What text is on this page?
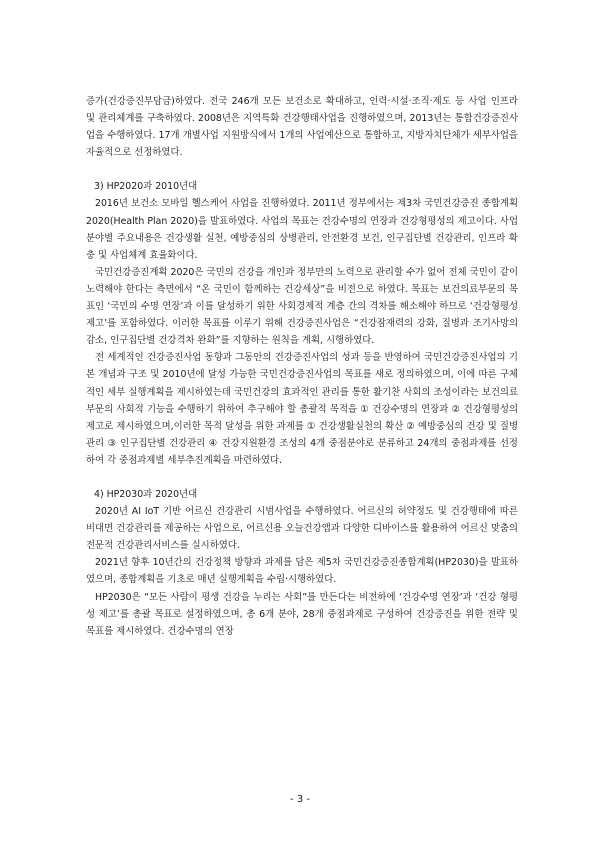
증가(건강증진부담금)하였다. 전국 246개 모든 보건소로 확대하고, 인력·시설·조직·제도 등 사업 인프라 및 관리체계를 구축하였다. 2008년은 지역특화 건강행태사업을 진행하였으며, 2013년는 통합건강증진사업을 수행하였다. 17개 개별사업 지원방식에서 1개의 사업예산으로 통합하고, 지방자치단체가 세부사업을 자율적으로 선정하였다.

3) HP2020과 2010년대

2016년 보건소 모바일 헬스케어 사업을 진행하였다. 2011년 정부에서는 제3차 국민건강증진 종합계획 2020(Health Plan 2020)을 발표하였다. 사업의 목표는 건강수명의 연장과 건강형평성의 제고이다. 사업분야별 주요내용은 건강생활 실천, 예방중심의 상병관리, 안전환경 보건, 인구집단별 건강관리, 인프라 확충 및 사업체계 효율화이다.

국민건강증진계획 2020은 국민의 건강을 개인과 정부만의 노력으로 관리할 수가 없어 전체 국민이 같이 노력해야 한다는 측면에서 “온 국민이 함께하는 건강세상”을 비전으로 하였다. 목표는 보건의료부문의 목표인 ‘국민의 수명 연장’과 이를 달성하기 위한 사회경제적 계층 간의 격차를 해소해야 하므로 ‘건강형평성 제고’를 포함하였다. 이러한 목표를 이루기 위해 건강증진사업은 “건강잠재력의 강화, 질병과 조기사망의 감소, 인구집단별 건강격차 완화”를 지향하는 원칙을 계획, 시행하였다.

전 세계적인 건강증진사업 동향과 그동안의 건강증진사업의 성과 등을 반영하여 국민건강증진사업의 기본 개념과 구조 및 2010년에 달성 가능한 국민건강증진사업의 목표를 새로 정의하였으며, 이에 따른 구체적인 세부 실행계획을 제시하였는데 국민건강의 효과적인 관리를 통한 활기찬 사회의 조성이라는 보건의료부문의 사회적 기능을 수행하기 위하여 추구해야 할 총괄적 목적을 ① 건강수명의 연장과 ② 건강형평성의 제고로 제시하였으며,이러한 목적 달성을 위한 과제를 ① 건강생활실천의 확산 ② 예방중심의 건강 및 질병 관리 ③ 인구집단별 건강관리 ④ 건강지원환경 조성의 4개 중점분야로 분류하고 24개의 중점과제를 선정하여 각 중점과제별 세부추진계획을 마련하였다.

4) HP2030과 2020년대

2020년 AI IoT 기반 어르신 건강관리 시범사업을 수행하였다. 어르신의 허약정도 및 건강행태에 따른 비대면 건강관리를 제공하는 사업으로, 어르신용 오늘건강앱과 다양한 디바이스를 활용하여 어르신 맞춤의 전문적 건강관리서비스를 실시하였다.

2021년 향후 10년간의 건강정책 방향과 과제를 담은 제5차 국민건강증진종합계획(HP2030)을 발표하였으며, 종합계획을 기초로 매년 실행계획을 수립·시행하였다.

HP2030은 “모든 사람이 평생 건강을 누리는 사회”를 만든다는 비전하에 ‘건강수명 연장’과 ‘건강 형평성 제고’를 총괄 목표로 설정하였으며, 총 6개 분야, 28개 중점과제로 구성하여 건강증진을 위한 전략 및 목표를 제시하였다. 건강수명의 연장

- 3 -
